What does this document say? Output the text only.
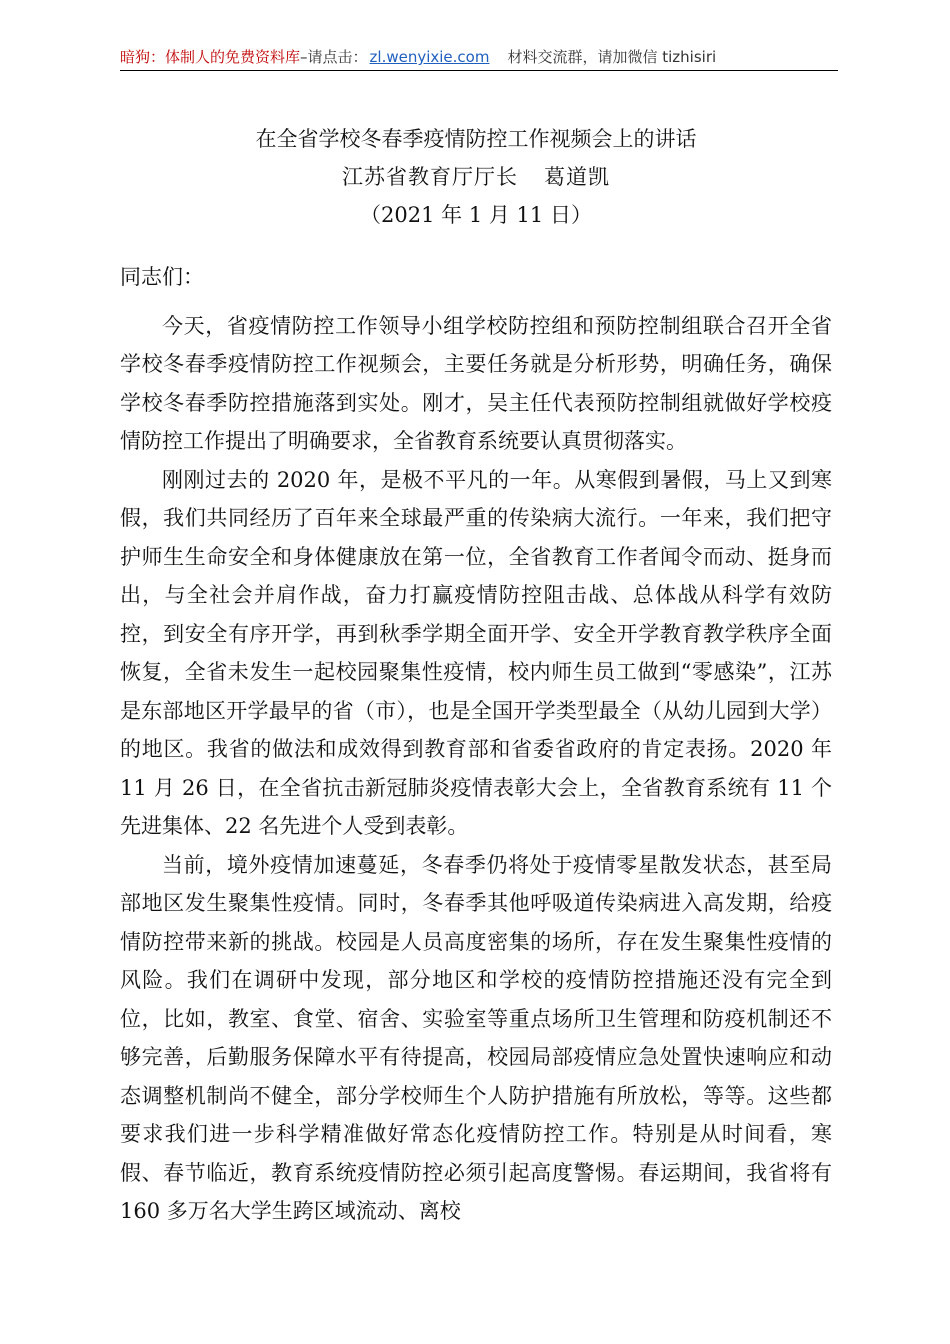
暗狗：体制人的免费资料库–请点击： zl.wenyixie.com 材料交流群，请加微信 tizhisiri
在全省学校冬春季疫情防控工作视频会上的讲话
江苏省教育厅厅长 葛道凯
（2021 年 1 月 11 日）

同志们：

今天，省疫情防控工作领导小组学校防控组和预防控制组联合召开全省学校冬春季疫情防控工作视频会，主要任务就是分析形势，明确任务，确保学校冬春季防控措施落到实处。刚才，吴主任代表预防控制组就做好学校疫情防控工作提出了明确要求，全省教育系统要认真贯彻落实。

刚刚过去的 2020 年，是极不平凡的一年。从寒假到暑假，马上又到寒假，我们共同经历了百年来全球最严重的传染病大流行。一年来，我们把守护师生生命安全和身体健康放在第一位，全省教育工作者闻令而动、挺身而出，与全社会并肩作战，奋力打赢疫情防控阻击战、总体战从科学有效防控，到安全有序开学，再到秋季学期全面开学、安全开学教育教学秩序全面恢复，全省未发生一起校园聚集性疫情，校内师生员工做到“零感染”，江苏是东部地区开学最早的省（市），也是全国开学类型最全（从幼儿园到大学）的地区。我省的做法和成效得到教育部和省委省政府的肯定表扬。2020 年 11 月 26 日，在全省抗击新冠肺炎疫情表彰大会上，全省教育系统有 11 个先进集体、22 名先进个人受到表彰。

当前，境外疫情加速蔓延，冬春季仍将处于疫情零星散发状态，甚至局部地区发生聚集性疫情。同时，冬春季其他呼吸道传染病进入高发期，给疫情防控带来新的挑战。校园是人员高度密集的场所，存在发生聚集性疫情的风险。我们在调研中发现，部分地区和学校的疫情防控措施还没有完全到位，比如，教室、食堂、宿舍、实验室等重点场所卫生管理和防疫机制还不够完善，后勤服务保障水平有待提高，校园局部疫情应急处置快速响应和动态调整机制尚不健全，部分学校师生个人防护措施有所放松，等等。这些都要求我们进一步科学精准做好常态化疫情防控工作。特别是从时间看，寒假、春节临近，教育系统疫情防控必须引起高度警惕。春运期间，我省将有 160 多万名大学生跨区域流动、离校
